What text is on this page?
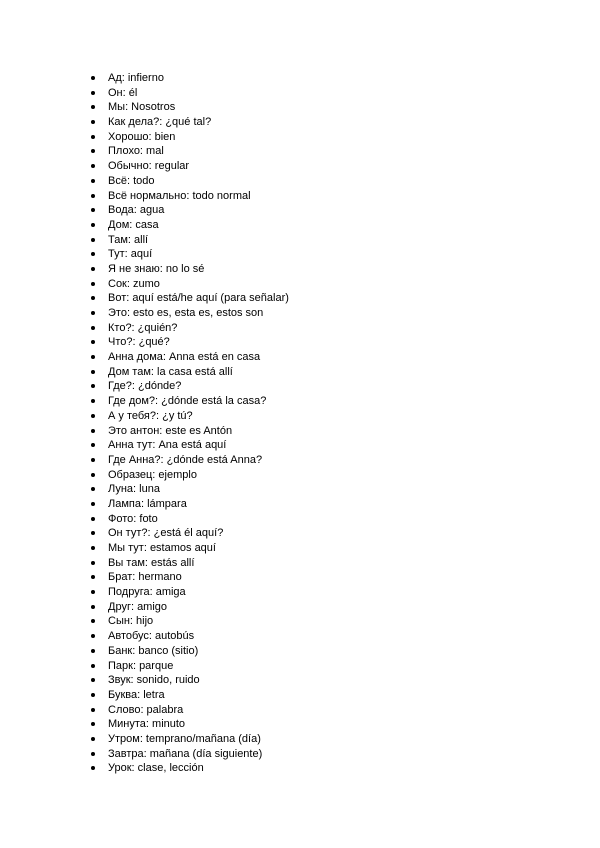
Ад: infierno
Он: él
Мы: Nosotros
Как дела?: ¿qué tal?
Хорошо: bien
Плохо: mal
Обычно: regular
Всё: todo
Всё нормально: todo normal
Вода: agua
Дом: casa
Там: allí
Тут: aquí
Я не знаю: no lo sé
Сок: zumo
Вот: aquí está/he aquí (para señalar)
Это: esto es, esta es, estos son
Кто?: ¿quién?
Что?: ¿qué?
Анна дома: Anna está en casa
Дом там: la casa está allí
Где?: ¿dónde?
Где дом?: ¿dónde está la casa?
А у тебя?: ¿y tú?
Это антон: este es Antón
Анна тут: Ana está aquí
Где Анна?: ¿dónde está Anna?
Образец: ejemplo
Луна: luna
Лампа: lámpara
Фото: foto
Он тут?: ¿está él aquí?
Мы тут: estamos aquí
Вы там: estás allí
Брат: hermano
Подруга: amiga
Друг: amigo
Сын: hijo
Автобус: autobús
Банк: banco (sitio)
Парк: parque
Звук: sonido, ruido
Буква: letra
Слово: palabra
Минута: minuto
Утром: temprano/mañana (día)
Завтра: mañana (día siguiente)
Урок: clase, lección
